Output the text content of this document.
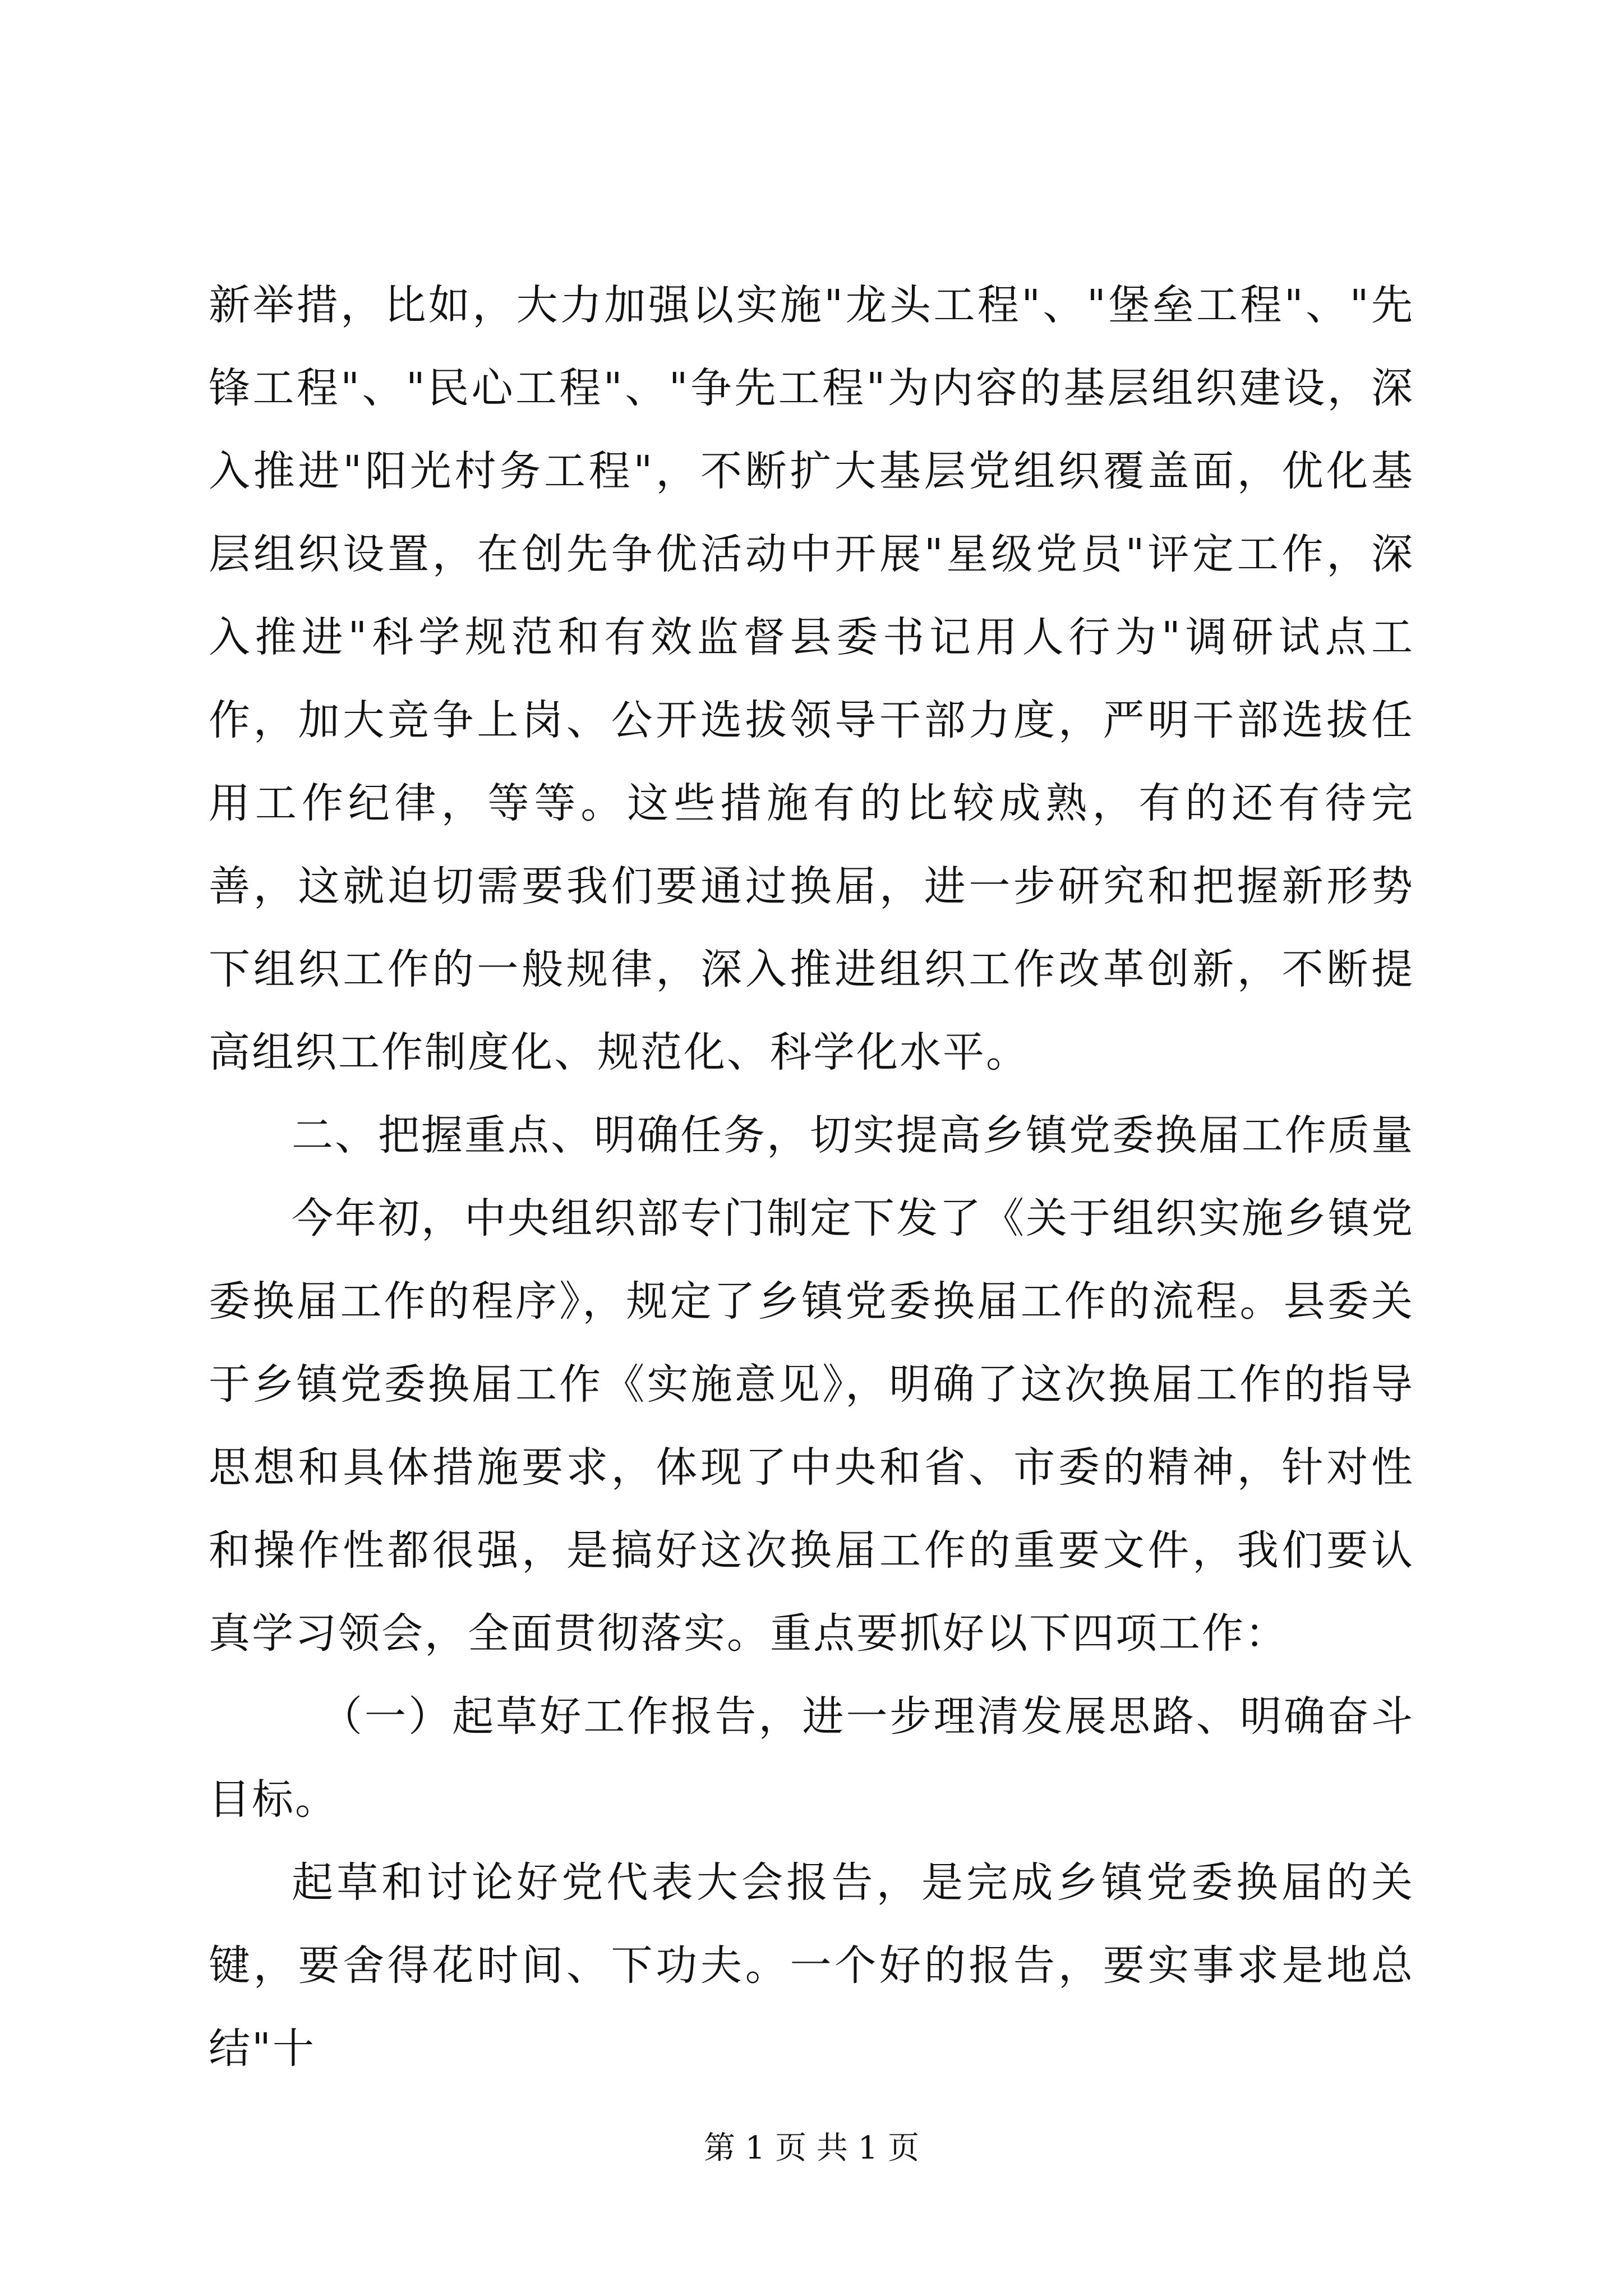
新举措，比如，大力加强以实施"龙头工程"、"堡垒工程"、"先锋工程"、"民心工程"、"争先工程"为内容的基层组织建设，深入推进"阳光村务工程"，不断扩大基层党组织覆盖面，优化基层组织设置，在创先争优活动中开展"星级党员"评定工作，深入推进"科学规范和有效监督县委书记用人行为"调研试点工作，加大竞争上岗、公开选拔领导干部力度，严明干部选拔任用工作纪律，等等。这些措施有的比较成熟，有的还有待完善，这就迫切需要我们要通过换届，进一步研究和把握新形势下组织工作的一般规律，深入推进组织工作改革创新，不断提高组织工作制度化、规范化、科学化水平。

二、把握重点、明确任务，切实提高乡镇党委换届工作质量

今年初，中央组织部专门制定下发了《关于组织实施乡镇党委换届工作的程序》，规定了乡镇党委换届工作的流程。县委关于乡镇党委换届工作《实施意见》，明确了这次换届工作的指导思想和具体措施要求，体现了中央和省、市委的精神，针对性和操作性都很强，是搞好这次换届工作的重要文件，我们要认真学习领会，全面贯彻落实。重点要抓好以下四项工作：

（一）起草好工作报告，进一步理清发展思路、明确奋斗目标。

起草和讨论好党代表大会报告，是完成乡镇党委换届的关键，要舍得花时间、下功夫。一个好的报告，要实事求是地总结"十

第 1 页 共 1 页
